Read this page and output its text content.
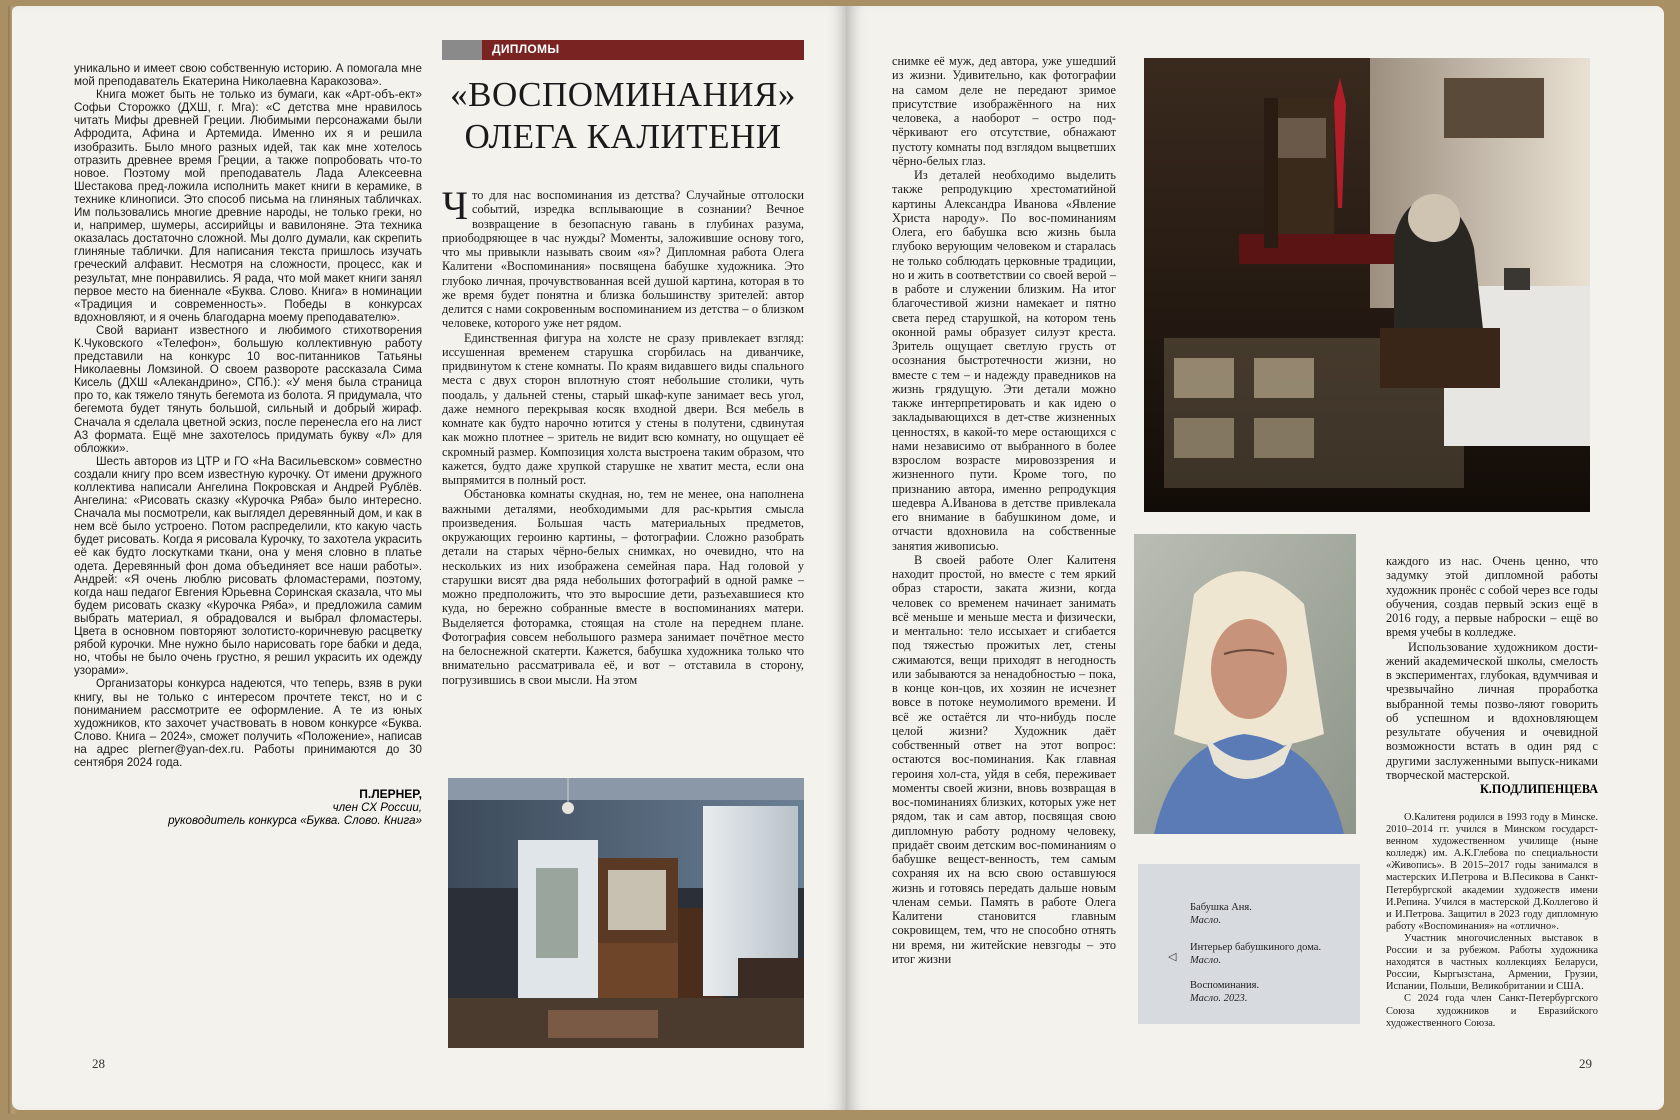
уникально и имеет свою собственную историю. А помогала мне мой преподаватель Екатерина Николаевна Каракозова».

Книга может быть не только из бумаги, как «Арт-объ-ект» Софьи Сторожко (ДХШ, г. Мга): «С детства мне нравилось читать Мифы древней Греции. Любимыми персонажами были Афродита, Афина и Артемида. Именно их я и решила изобразить. Было много разных идей, так как мне хотелось отразить древнее время Греции, а также попробовать что-то новое. Поэтому мой преподаватель Лада Алексеевна Шестакова пред-ложила исполнить макет книги в керамике, в технике клинописи. Это способ письма на глиняных табличках. Им пользовались многие древние народы, не только греки, но и, например, шумеры, ассирийцы и вавилоняне. Эта техника оказалась достаточно сложной. Мы долго думали, как скрепить глиняные таблички. Для написания текста пришлось изучать греческий алфавит. Несмотря на сложности, процесс, как и результат, мне понравились. Я рада, что мой макет книги занял первое место на биеннале «Буква. Слово. Книга» в номинации «Традиция и современность». Победы в конкурсах вдохновляют, и я очень благодарна моему преподавателю».

Свой вариант известного и любимого стихотворения К.Чуковского «Телефон», большую коллективную работу представили на конкурс 10 вос-питанников Татьяны Николаевны Ломзиной. О своем развороте рассказала Сима Кисель (ДХШ «Алекандрино», СПб.): «У меня была страница про то, как тяжело тянуть бегемота из болота. Я придумала, что бегемота будет тянуть большой, сильный и добрый жираф. Сначала я сделала цветной эскиз, после перенесла его на лист А3 формата. Ещё мне захотелось придумать букву «Л» для обложки».

Шесть авторов из ЦТР и ГО «На Васильевском» совместно создали книгу про всем известную курочку. От имени дружного коллектива написали Ангелина Покровская и Андрей Рублёв. Ангелина: «Рисовать сказку «Курочка Ряба» было интересно. Сначала мы посмотрели, как выглядел деревянный дом, и как в нем всё было устроено. Потом распределили, кто какую часть будет рисовать. Когда я рисовала Курочку, то захотела украсить её как будто лоскутками ткани, она у меня словно в платье одета. Деревянный фон дома объединяет все наши работы». Андрей: «Я очень люблю рисовать фломастерами, поэтому, когда наш педагог Евгения Юрьевна Соринская сказала, что мы будем рисовать сказку «Курочка Ряба», и предложила самим выбрать материал, я обрадовался и выбрал фломастеры. Цвета в основном повторяют золотисто-коричневую расцветку рябой курочки. Мне нужно было нарисовать горе бабки и деда, но, чтобы не было очень грустно, я решил украсить их одежду узорами».

Организаторы конкурса надеются, что теперь, взяв в руки книгу, вы не только с интересом прочтете текст, но и с пониманием рассмотрите ее оформление. А те из юных художников, кто захочет участвовать в новом конкурсе «Буква. Слово. Книга – 2024», сможет получить «Положение», написав на адрес plerner@yan-dex.ru. Работы принимаются до 30 сентября 2024 года.

П.ЛЕРНЕР,
член СХ России,
руководитель конкурса «Буква. Слово. Книга»
ДИПЛОМЫ
«ВОСПОМИНАНИЯ»
ОЛЕГА КАЛИТЕНИ

Что для нас воспоминания из детства? Случайные отголоски событий, изредка всплывающие в сознании? Вечное возвращение в безопасную гавань в глубинах разума, приободряющее в час нужды? Моменты, заложившие основу того, что мы привыкли называть своим «я»? Дипломная работа Олега Калитени «Воспоминания» посвящена бабушке художника. Это глубоко личная, прочувствованная всей душой картина, которая в то же время будет понятна и близка большинству зрителей: автор делится с нами сокровенным воспоминанием из детства – о близком человеке, которого уже нет рядом.

Единственная фигура на холсте не сразу привлекает взгляд: иссушенная временем старушка сгорбилась на диванчике, придвинутом к стене комнаты. По краям видавшего виды спального места с двух сторон вплотную стоят небольшие столики, чуть поодаль, у дальней стены, старый шкаф-купе занимает весь угол, даже немного перекрывая косяк входной двери. Вся мебель в комнате как будто нарочно ютится у стены в полутени, сдвинутая как можно плотнее – зритель не видит всю комнату, но ощущает её скромный размер. Композиция холста выстроена таким образом, что кажется, будто даже хрупкой старушке не хватит места, если она выпрямится в полный рост.

Обстановка комнаты скудная, но, тем не менее, она наполнена важными деталями, необходимыми для рас-крытия смысла произведения. Большая часть материальных предметов, окружающих героиню картины, – фотографии. Сложно разобрать детали на старых чёрно-белых снимках, но очевидно, что на нескольких из них изображена семейная пара. Над головой у старушки висят два ряда небольших фотографий в одной рамке – можно предположить, что это выросшие дети, разъехавшиеся кто куда, но бережно собранные вместе в воспоминаниях матери. Выделяется фоторамка, стоящая на столе на переднем плане. Фотография совсем небольшого размера занимает почётное место на белоснежной скатерти. Кажется, бабушка художника только что внимательно рассматривала её, и вот – отставила в сторону, погрузившись в свои мысли. На этом

28

снимке её муж, дед автора, уже ушедший из жизни. Удивительно, как фотографии на самом деле не передают зримое присутствие изображённого на них человека, а наоборот – остро под-чёркивают его отсутствие, обнажают пустоту комнаты под взглядом выцветших чёрно-белых глаз.

Из деталей необходимо выделить также репродукцию хрестоматийной картины Александра Иванова «Явление Христа народу». По вос-поминаниям Олега, его бабушка всю жизнь была глубоко верующим человеком и старалась не только соблюдать церковные традиции, но и жить в соответствии со своей верой – в работе и служении близким. На итог благочестивой жизни намекает и пятно света перед старушкой, на котором тень оконной рамы образует силуэт креста. Зритель ощущает светлую грусть от осознания быстротечности жизни, но вместе с тем – и надежду праведников на жизнь грядущую. Эти детали можно также интерпретировать и как идею о закладывающихся в дет-стве жизненных ценностях, в какой-то мере остающихся с нами независимо от выбранного в более взрослом возрасте мировоззрения и жизненного пути. Кроме того, по признанию автора, именно репродукция шедевра А.Иванова в детстве привлекала его внимание в бабушкином доме, и отчасти вдохновила на собственные занятия живописью.

В своей работе Олег Калитеня находит простой, но вместе с тем яркий образ старости, заката жизни, когда человек со временем начинает занимать всё меньше и меньше места и физически, и ментально: тело иссыхает и сгибается под тяжестью прожитых лет, стены сжимаются, вещи приходят в негодность или забываются за ненадобностью – пока, в конце кон-цов, их хозяин не исчезнет вовсе в потоке неумолимого времени. И всё же остаётся ли что-нибудь после целой жизни? Художник даёт собственный ответ на этот вопрос: остаются вос-поминания. Как главная героиня хол-ста, уйдя в себя, переживает моменты своей жизни, вновь возвращая в вос-поминаниях близких, которых уже нет рядом, так и сам автор, посвящая свою дипломную работу родному человеку, придаёт своим детским вос-поминаниям о бабушке вещест-венность, тем самым сохраняя их на всю свою оставшуюся жизнь и готовясь передать дальше новым членам семьи. Память в работе Олега Калитени становится главным сокровищем, тем, что не способно отнять ни время, ни житейские невзгоды – это итог жизни

каждого из нас. Очень ценно, что задумку этой дипломной работы художник пронёс с собой через все годы обучения, создав первый эскиз ещё в 2016 году, а первые наброски – ещё во время учебы в колледже.

Использование художником дости-жений академической школы, смелость в экспериментах, глубокая, вдумчивая и чрезвычайно личная проработка выбранной темы позво-ляют говорить об успешном и вдохновляющем результате обучения и очевидной возможности встать в один ряд с другими заслуженными выпуск-никами творческой мастерской.

К.ПОДЛИПЕНЦЕВА

О.Калитеня родился в 1993 году в Минске. 2010–2014 гг. учился в Минском государст-венном художественном училище (ныне колледж) им. А.К.Глебова по специальности «Живопись». В 2015–2017 годы занимался в мастерских И.Петрова и В.Песикова в Санкт-Петербургской академии художеств имени И.Репина. Учился в мастерской Д.Коллегово й и И.Петрова. Защитил в 2023 году дипломную работу «Воспоминания» на «отлично».

Участник многочисленных выставок в России и за рубежом. Работы художника находятся в частных коллекциях Беларуси, России, Кыргызстана, Армении, Грузии, Испании, Польши, Великобритании и США.

С 2024 года член Санкт-Петербургского Союза художников и Евразийского художественного Союза.

29
◁
Бабушка Аня.
Масло.
Интерьер бабушкиного дома.
Масло.
Воспоминания.
Масло. 2023.
